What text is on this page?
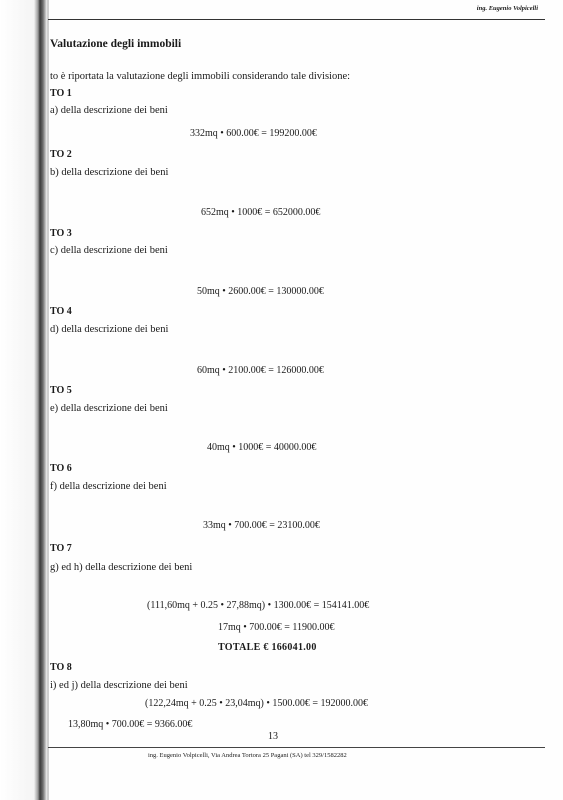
ing. Eugenio Volpicelli
Valutazione degli immobili
to è riportata la valutazione degli immobili considerando tale divisione:
TO 1
a) della descrizione dei beni
332mq • 600.00€ = 199200.00€
TO 2
b) della descrizione dei beni
652mq • 1000€ = 652000.00€
TO 3
c) della descrizione dei beni
50mq • 2600.00€ = 130000.00€
TO 4
d) della descrizione dei beni
60mq • 2100.00€ = 126000.00€
TO 5
e) della descrizione dei beni
40mq • 1000€ = 40000.00€
TO 6
f) della descrizione dei beni
33mq • 700.00€ = 23100.00€
TO 7
g) ed h) della descrizione dei beni
(111,60mq + 0.25 • 27,88mq) • 1300.00€ = 154141.00€
17mq • 700.00€ = 11900.00€
TOTALE € 166041.00
TO 8
i) ed j) della descrizione dei beni
(122,24mq + 0.25 • 23,04mq) • 1500.00€ = 192000.00€
13,80mq • 700.00€ = 9366.00€
13
ing. Eugenio Volpicelli, Via Andrea Tortora 25 Pagani (SA) tel 329/1582282
